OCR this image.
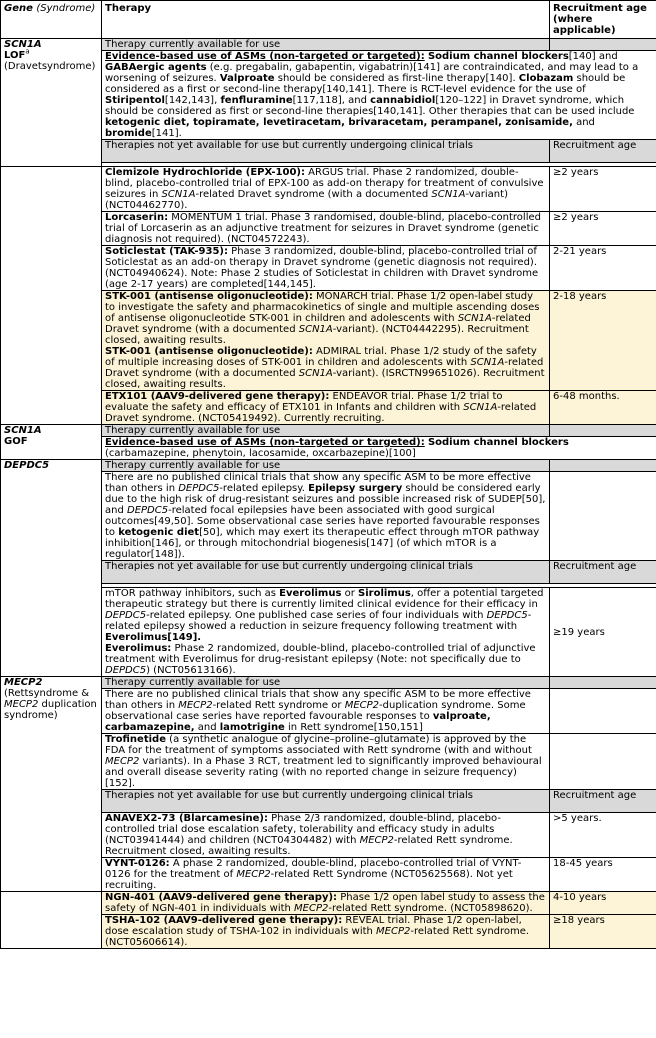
Gene (Syndrome)	Therapy	Recruitment age (where applicable)
SCN1A
LOF$^a$
(Dravetsyndrome)	Therapy currently available for use	
	Evidence-based use of ASMs (non-targeted or targeted): Sodium channel blockers[140] and GABAergic agents (e.g. pregabalin, gabapentin, vigabatrin)[141] are contraindicated, and may lead to a worsening of seizures. Valproate should be considered as first-line therapy[140]. Clobazam should be considered as a first or second-line therapy[140,141]. There is RCT-level evidence for the use of Stiripentol[142,143], fenfluramine[117,118], and cannabidiol[120–122] in Dravet syndrome, which should be considered as first or second-line therapies[140,141]. Other therapies that can be used include ketogenic diet, topiramate, levetiracetam, brivaracetam, perampanel, zonisamide, and bromide[141].	
	Therapies not yet available for use but currently undergoing clinical trials	Recruitment age

	Clemizole Hydrochloride (EPX-100): ARGUS trial. Phase 2 randomized, double-blind, placebo-controlled trial of EPX-100 as add-on therapy for treatment of convulsive seizures in SCN1A-related Dravet syndrome (with a documented SCN1A-variant) (NCT04462770).	≥2 years
	Lorcaserin: MOMENTUM 1 trial. Phase 3 randomised, double-blind, placebo-controlled trial of Lorcaserin as an adjunctive treatment for seizures in Dravet syndrome (genetic diagnosis not required). (NCT04572243).	≥2 years
	Soticlestat (TAK-935): Phase 3 randomized, double-blind, placebo-controlled trial of Soticlestat as an add-on therapy in Dravet syndrome (genetic diagnosis not required). (NCT04940624). Note: Phase 2 studies of Soticlestat in children with Dravet syndrome (age 2-17 years) are completed[144,145].	2-21 years
	STK-001 (antisense oligonucleotide): MONARCH trial. Phase 1/2 open-label study to investigate the safety and pharmacokinetics of single and multiple ascending doses of antisense oligonucleotide STK-001 in children and adolescents with SCN1A-related Dravet syndrome (with a documented SCN1A-variant). (NCT04442295). Recruitment closed, awaiting results.
STK-001 (antisense oligonucleotide): ADMIRAL trial. Phase 1/2 study of the safety of multiple increasing doses of STK-001 in children and adolescents with SCN1A-related Dravet syndrome (with a documented SCN1A-variant). (ISRCTN99651026). Recruitment closed, awaiting results.	2-18 years
	ETX101 (AAV9-delivered gene therapy): ENDEAVOR trial. Phase 1/2 trial to evaluate the safety and efficacy of ETX101 in Infants and children with SCN1A-related Dravet syndrome. (NCT05419492). Currently recruiting.	6-48 months.
SCN1A
GOF	Therapy currently available for use	
	Evidence-based use of ASMs (non-targeted or targeted): Sodium channel blockers
(carbamazepine, phenytoin, lacosamide, oxcarbazepine)[100]	
DEPDC5	Therapy currently available for use	
	There are no published clinical trials that show any specific ASM to be more effective than others in DEPDC5-related epilepsy. Epilepsy surgery should be considered early due to the high risk of drug-resistant seizures and possible increased risk of SUDEP[50], and DEPDC5-related focal epilepsies have been associated with good surgical outcomes[49,50]. Some observational case series have reported favourable responses to ketogenic diet[50], which may exert its therapeutic effect through mTOR pathway inhibition[146], or through mitochondrial biogenesis[147] (of which mTOR is a regulator[148]).	
	Therapies not yet available for use but currently undergoing clinical trials	Recruitment age

	mTOR pathway inhibitors, such as Everolimus or Sirolimus, offer a potential targeted therapeutic strategy but there is currently limited clinical evidence for their efficacy in DEPDC5-related epilepsy. One published case series of four individuals with DEPDC5-related epilepsy showed a reduction in seizure frequency following treatment with Everolimus[149].
Everolimus: Phase 2 randomized, double-blind, placebo-controlled trial of adjunctive treatment with Everolimus for drug-resistant epilepsy (Note: not specifically due to DEPDC5) (NCT05613166).	≥19 years
MECP2
(Rettsyndrome &
MECP2 duplication syndrome)	Therapy currently available for use	
	There are no published clinical trials that show any specific ASM to be more effective than others in MECP2-related Rett syndrome or MECP2-duplication syndrome. Some observational case series have reported favourable responses to valproate, carbamazepine, and lamotrigine in Rett syndrome[150,151]	
	Trofinetide (a synthetic analogue of glycine–proline–glutamate) is approved by the FDA for the treatment of symptoms associated with Rett syndrome (with and without MECP2 variants). In a Phase 3 RCT, treatment led to significantly improved behavioural and overall disease severity rating (with no reported change in seizure frequency)[152].	
	Therapies not yet available for use but currently undergoing clinical trials	Recruitment age
	ANAVEX2-73 (Blarcamesine): Phase 2/3 randomized, double-blind, placebo-controlled trial dose escalation safety, tolerability and efficacy study in adults (NCT03941444) and children (NCT04304482) with MECP2-related Rett syndrome. Recruitment closed, awaiting results.	>5 years.
	VYNT-0126: A phase 2 randomized, double-blind, placebo-controlled trial of VYNT-0126 for the treatment of MECP2-related Rett Syndrome (NCT05625568). Not yet recruiting.	18-45 years
	NGN-401 (AAV9-delivered gene therapy): Phase 1/2 open label study to assess the safety of NGN-401 in individuals with MECP2-related Rett syndrome. (NCT05898620).	4-10 years
	TSHA-102 (AAV9-delivered gene therapy): REVEAL trial. Phase 1/2 open-label, dose escalation study of TSHA-102 in individuals with MECP2-related Rett syndrome. (NCT05606614).	≥18 years
